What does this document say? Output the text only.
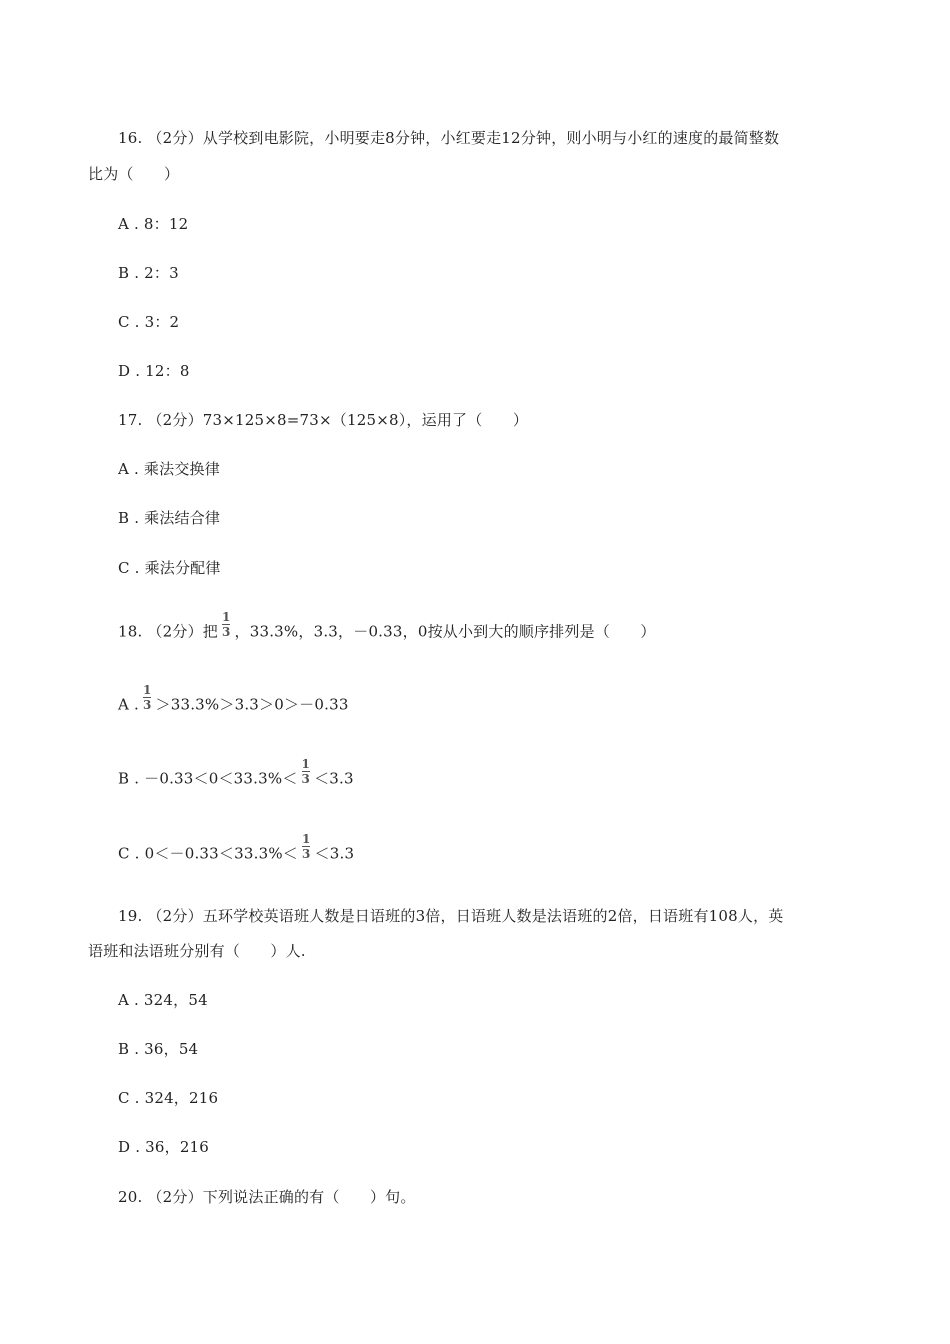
16. （2分）从学校到电影院，小明要走8分钟，小红要走12分钟，则小明与小红的速度的最简整数
比为（　　）
A . 8：12
B . 2：3
C . 3：2
D . 12：8
17. （2分）73×125×8=73×（125×8），运用了（　　）
A . 乘法交换律
B . 乘法结合律
C . 乘法分配律
18. （2分）把 $\frac{1}{3}$ ，33.3%，3.3，－0.33，0按从小到大的顺序排列是（　　）
A . $\frac{1}{3} >33.3\%>3.3>0>-0.33$
B . $-0.33<0<33.3\%< \frac{1}{3} <3.3$
C . $0<-0.33<33.3\%< \frac{1}{3} <3.3$
19. （2分）五环学校英语班人数是日语班的3倍，日语班人数是法语班的2倍，日语班有108人，英
语班和法语班分别有（　　）人.
A . 324，54
B . 36，54
C . 324，216
D . 36，216
20. （2分）下列说法正确的有（　　）句。
